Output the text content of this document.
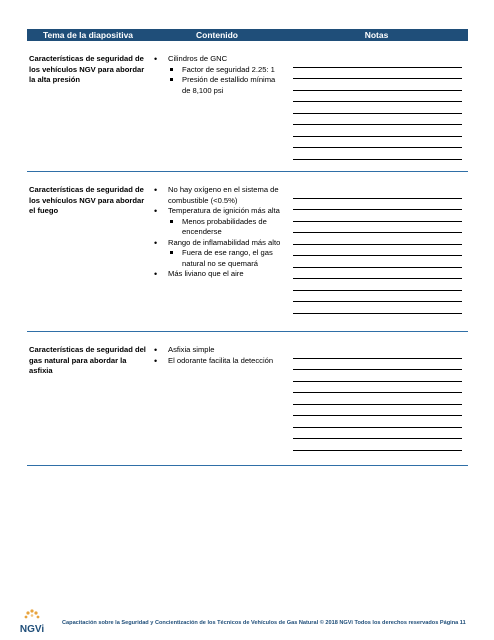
Tema de la diapositiva	Contenido	Notas
Características de seguridad de los vehículos NGV para abordar la alta presión
• Cilindros de GNC
Factor de seguridad 2.25: 1
Presión de estallido mínima de 8,100 psi
Características de seguridad de los vehículos NGV para abordar el fuego
• No hay oxígeno en el sistema de combustible (<0.5%)
• Temperatura de ignición más alta
Menos probabilidades de encenderse
• Rango de inflamabilidad más alto
Fuera de ese rango, el gas natural no se quemará
• Más liviano que el aire
Características de seguridad del gas natural para abordar la asfixia
• Asfixia simple
• El odorante facilita la detección
NGVi
Capacitación sobre la Seguridad y Concientización de los Técnicos de Vehículos de Gas Natural © 2018 NGVi Todos los derechos reservados Página 11
